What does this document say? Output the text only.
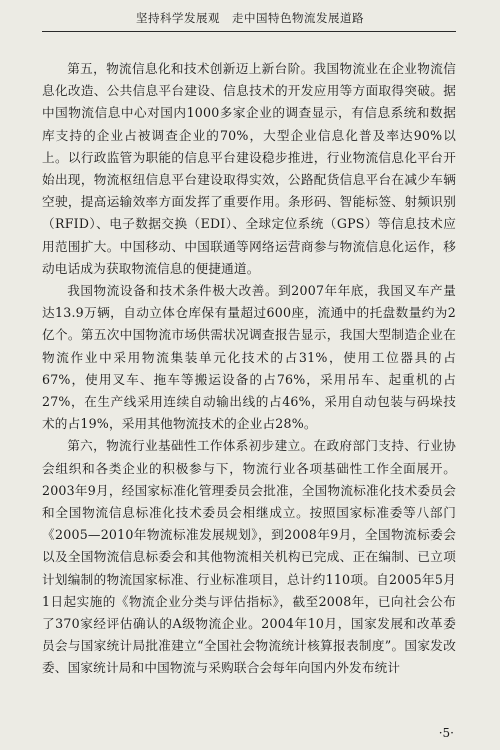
坚持科学发展观　走中国特色物流发展道路

第五，物流信息化和技术创新迈上新台阶。我国物流业在企业物流信息化改造、公共信息平台建设、信息技术的开发应用等方面取得突破。据中国物流信息中心对国内1000多家企业的调查显示，有信息系统和数据库支持的企业占被调查企业的70%，大型企业信息化普及率达90%以上。以行政监管为职能的信息平台建设稳步推进，行业物流信息化平台开始出现，物流枢纽信息平台建设取得实效，公路配货信息平台在减少车辆空驶，提高运输效率方面发挥了重要作用。条形码、智能标签、射频识别（RFID）、电子数据交换（EDI）、全球定位系统（GPS）等信息技术应用范围扩大。中国移动、中国联通等网络运营商参与物流信息化运作，移动电话成为获取物流信息的便捷通道。

我国物流设备和技术条件极大改善。到2007年年底，我国叉车产量达13.9万辆，自动立体仓库保有量超过600座，流通中的托盘数量约为2亿个。第五次中国物流市场供需状况调查报告显示，我国大型制造企业在物流作业中采用物流集装单元化技术的占31%，使用工位器具的占67%，使用叉车、拖车等搬运设备的占76%，采用吊车、起重机的占27%，在生产线采用连续自动输出线的占46%，采用自动包装与码垛技术的占19%，采用其他物流技术的企业占28%。

第六，物流行业基础性工作体系初步建立。在政府部门支持、行业协会组织和各类企业的积极参与下，物流行业各项基础性工作全面展开。2003年9月，经国家标准化管理委员会批准，全国物流标准化技术委员会和全国物流信息标准化技术委员会相继成立。按照国家标准委等八部门《2005—2010年物流标准发展规划》，到2008年9月，全国物流标委会以及全国物流信息标委会和其他物流相关机构已完成、正在编制、已立项计划编制的物流国家标准、行业标准项目，总计约110项。自2005年5月1日起实施的《物流企业分类与评估指标》，截至2008年，已向社会公布了370家经评估确认的A级物流企业。2004年10月，国家发展和改革委员会与国家统计局批准建立“全国社会物流统计核算报表制度”。国家发改委、国家统计局和中国物流与采购联合会每年向国内外发布统计

·5·
